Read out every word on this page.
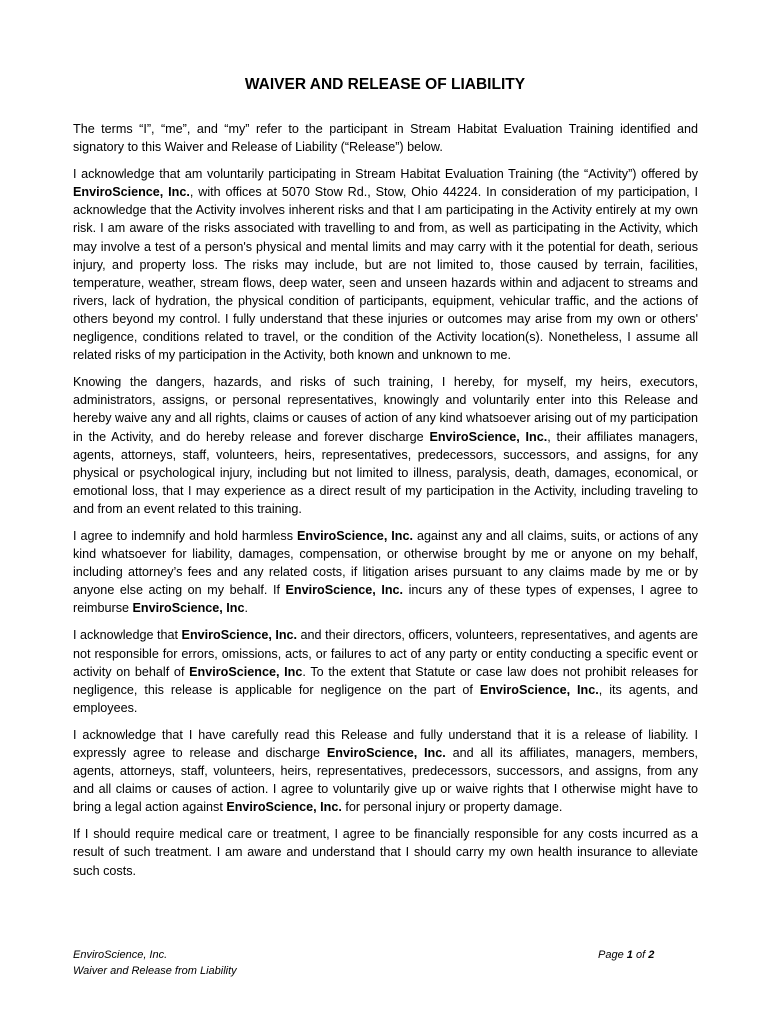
WAIVER AND RELEASE OF LIABILITY

The terms “I”, “me”, and “my” refer to the participant in Stream Habitat Evaluation Training identified and signatory to this Waiver and Release of Liability (“Release”) below.

I acknowledge that am voluntarily participating in Stream Habitat Evaluation Training (the “Activity”) offered by EnviroScience, Inc., with offices at 5070 Stow Rd., Stow, Ohio 44224. In consideration of my participation, I acknowledge that the Activity involves inherent risks and that I am participating in the Activity entirely at my own risk. I am aware of the risks associated with travelling to and from, as well as participating in the Activity, which may involve a test of a person's physical and mental limits and may carry with it the potential for death, serious injury, and property loss. The risks may include, but are not limited to, those caused by terrain, facilities, temperature, weather, stream flows, deep water, seen and unseen hazards within and adjacent to streams and rivers, lack of hydration, the physical condition of participants, equipment, vehicular traffic, and the actions of others beyond my control. I fully understand that these injuries or outcomes may arise from my own or others' negligence, conditions related to travel, or the condition of the Activity location(s). Nonetheless, I assume all related risks of my participation in the Activity, both known and unknown to me.

Knowing the dangers, hazards, and risks of such training, I hereby, for myself, my heirs, executors, administrators, assigns, or personal representatives, knowingly and voluntarily enter into this Release and hereby waive any and all rights, claims or causes of action of any kind whatsoever arising out of my participation in the Activity, and do hereby release and forever discharge EnviroScience, Inc., their affiliates managers, agents, attorneys, staff, volunteers, heirs, representatives, predecessors, successors, and assigns, for any physical or psychological injury, including but not limited to illness, paralysis, death, damages, economical, or emotional loss, that I may experience as a direct result of my participation in the Activity, including traveling to and from an event related to this training.

I agree to indemnify and hold harmless EnviroScience, Inc. against any and all claims, suits, or actions of any kind whatsoever for liability, damages, compensation, or otherwise brought by me or anyone on my behalf, including attorney’s fees and any related costs, if litigation arises pursuant to any claims made by me or by anyone else acting on my behalf. If EnviroScience, Inc. incurs any of these types of expenses, I agree to reimburse EnviroScience, Inc.

I acknowledge that EnviroScience, Inc. and their directors, officers, volunteers, representatives, and agents are not responsible for errors, omissions, acts, or failures to act of any party or entity conducting a specific event or activity on behalf of EnviroScience, Inc. To the extent that Statute or case law does not prohibit releases for negligence, this release is applicable for negligence on the part of EnviroScience, Inc., its agents, and employees.

I acknowledge that I have carefully read this Release and fully understand that it is a release of liability. I expressly agree to release and discharge EnviroScience, Inc. and all its affiliates, managers, members, agents, attorneys, staff, volunteers, heirs, representatives, predecessors, successors, and assigns, from any and all claims or causes of action. I agree to voluntarily give up or waive rights that I otherwise might have to bring a legal action against EnviroScience, Inc. for personal injury or property damage.

If I should require medical care or treatment, I agree to be financially responsible for any costs incurred as a result of such treatment. I am aware and understand that I should carry my own health insurance to alleviate such costs.

EnviroScience, Inc.
Waiver and Release from Liability
Page 1 of 2
